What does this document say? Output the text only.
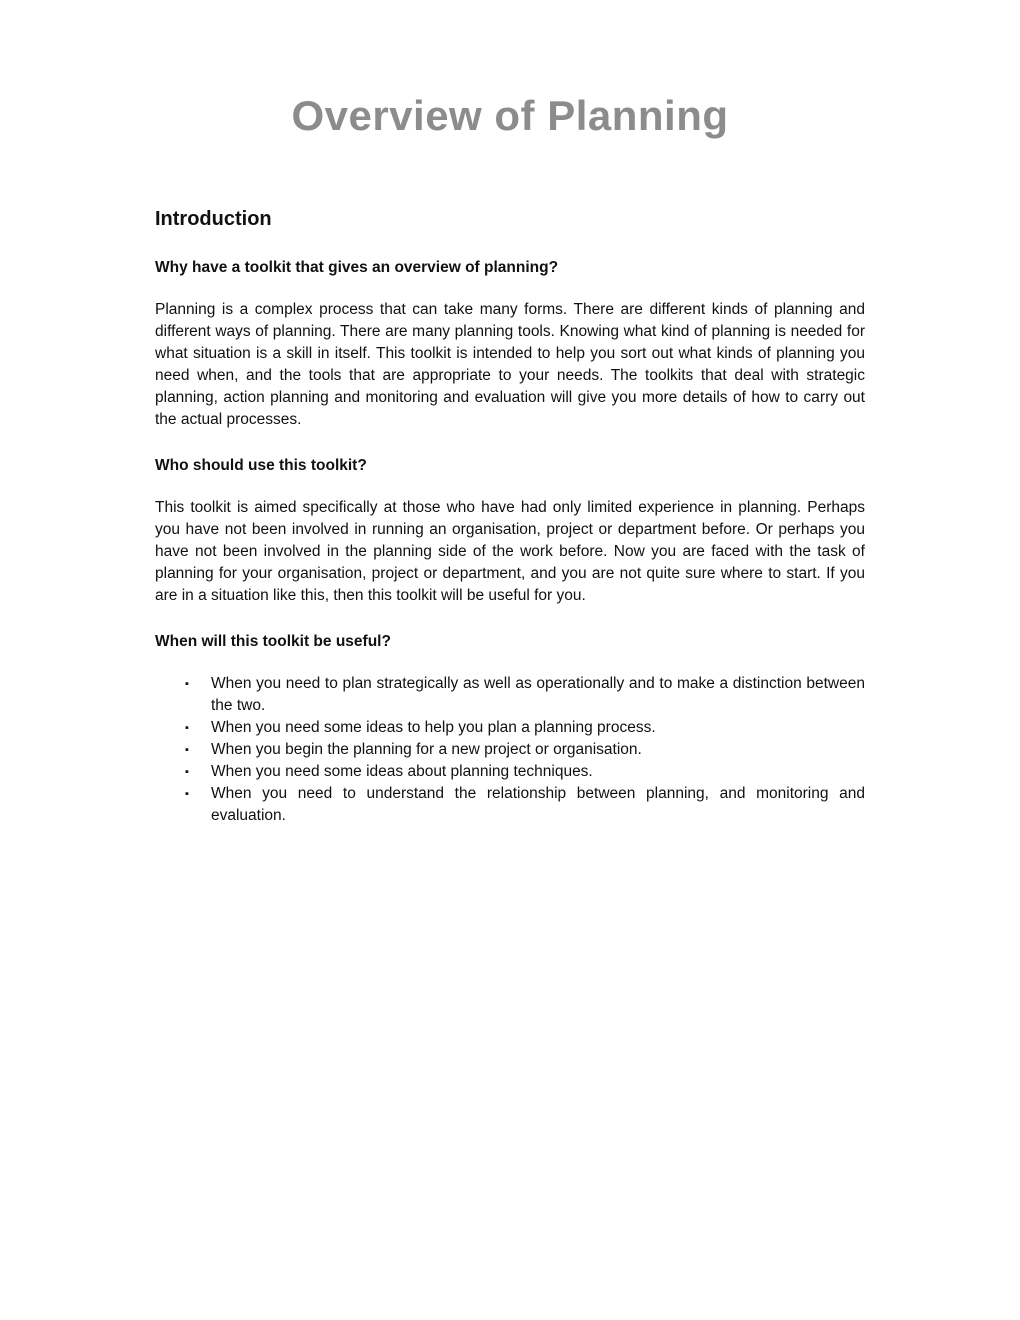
Overview of Planning
Introduction
Why have a toolkit that gives an overview of planning?

Planning is a complex process that can take many forms. There are different kinds of planning and different ways of planning. There are many planning tools. Knowing what kind of planning is needed for what situation is a skill in itself. This toolkit is intended to help you sort out what kinds of planning you need when, and the tools that are appropriate to your needs. The toolkits that deal with strategic planning, action planning and monitoring and evaluation will give you more details of how to carry out the actual processes.

Who should use this toolkit?

This toolkit is aimed specifically at those who have had only limited experience in planning. Perhaps you have not been involved in running an organisation, project or department before. Or perhaps you have not been involved in the planning side of the work before. Now you are faced with the task of planning for your organisation, project or department, and you are not quite sure where to start. If you are in a situation like this, then this toolkit will be useful for you.

When will this toolkit be useful?
▪	When you need to plan strategically as well as operationally and to make a distinction between the two.
▪	When you need some ideas to help you plan a planning process.
▪	When you begin the planning for a new project or organisation.
▪	When you need some ideas about planning techniques.
▪	When you need to understand the relationship between planning, and monitoring and evaluation.
